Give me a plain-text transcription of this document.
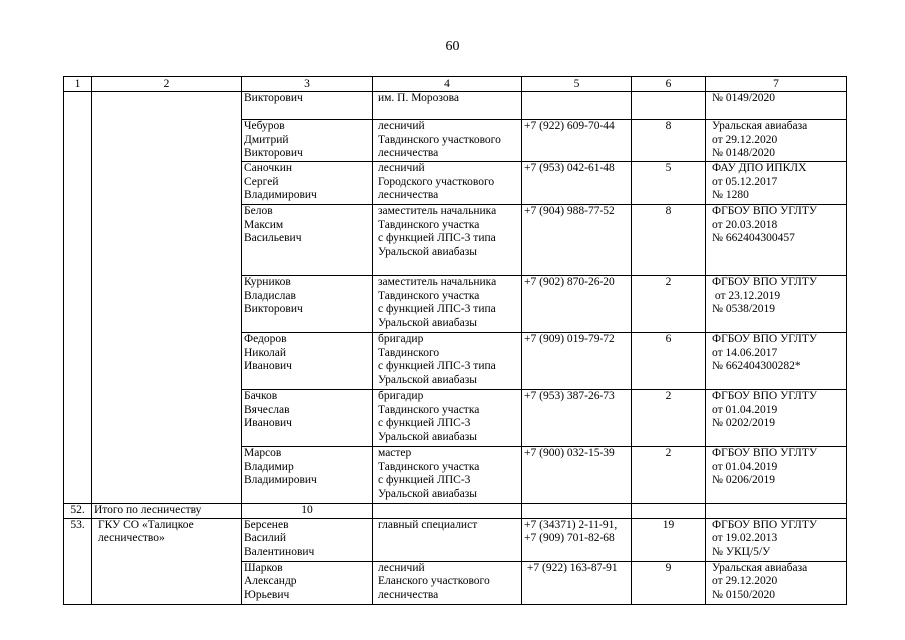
60
1	2	3	4	5	6	7
		Викторович	им. П. Морозова			№ 0149/2020
		Чебуров
Дмитрий
Викторович	лесничий
Тавдинского участкового
лесничества	+7 (922) 609-70-44	8	Уральская авиабаза
от 29.12.2020
№ 0148/2020
		Саночкин
Сергей
Владимирович	лесничий
Городского участкового
лесничества	+7 (953) 042-61-48	5	ФАУ ДПО ИПКЛХ
от 05.12.2017
№ 1280
		Белов
Максим
Васильевич	заместитель начальника
Тавдинского участка
с функцией ЛПС-3 типа
Уральской авиабазы	+7 (904) 988-77-52	8	ФГБОУ ВПО УГЛТУ
от 20.03.2018
№ 662404300457
		Курников
Владислав
Викторович	заместитель начальника
Тавдинского участка
с функцией ЛПС-3 типа
Уральской авиабазы	+7 (902) 870-26-20	2	ФГБОУ ВПО УГЛТУ
от 23.12.2019
№ 0538/2019
		Федоров
Николай
Иванович	бригадир
Тавдинского
с функцией ЛПС-3 типа
Уральской авиабазы	+7 (909) 019-79-72	6	ФГБОУ ВПО УГЛТУ
от 14.06.2017
№ 662404300282*
		Бачков
Вячеслав
Иванович	бригадир
Тавдинского участка
с функцией ЛПС-3
Уральской авиабазы	+7 (953) 387-26-73	2	ФГБОУ ВПО УГЛТУ
от 01.04.2019
№ 0202/2019
		Марсов
Владимир
Владимирович	мастер
Тавдинского участка
с функцией ЛПС-3
Уральской авиабазы	+7 (900) 032-15-39	2	ФГБОУ ВПО УГЛТУ
от 01.04.2019
№ 0206/2019
52.	Итого по лесничеству	10				
53.	ГКУ СО «Талицкое
лесничество»	Берсенев
Василий
Валентинович	главный специалист	+7 (34371) 2-11-91,
+7 (909) 701-82-68	19	ФГБОУ ВПО УГЛТУ
от 19.02.2013
№ УКЦ/5/У
		Шарков
Александр
Юрьевич	лесничий
Еланского участкового
лесничества	+7 (922) 163-87-91	9	Уральская авиабаза
от 29.12.2020
№ 0150/2020
